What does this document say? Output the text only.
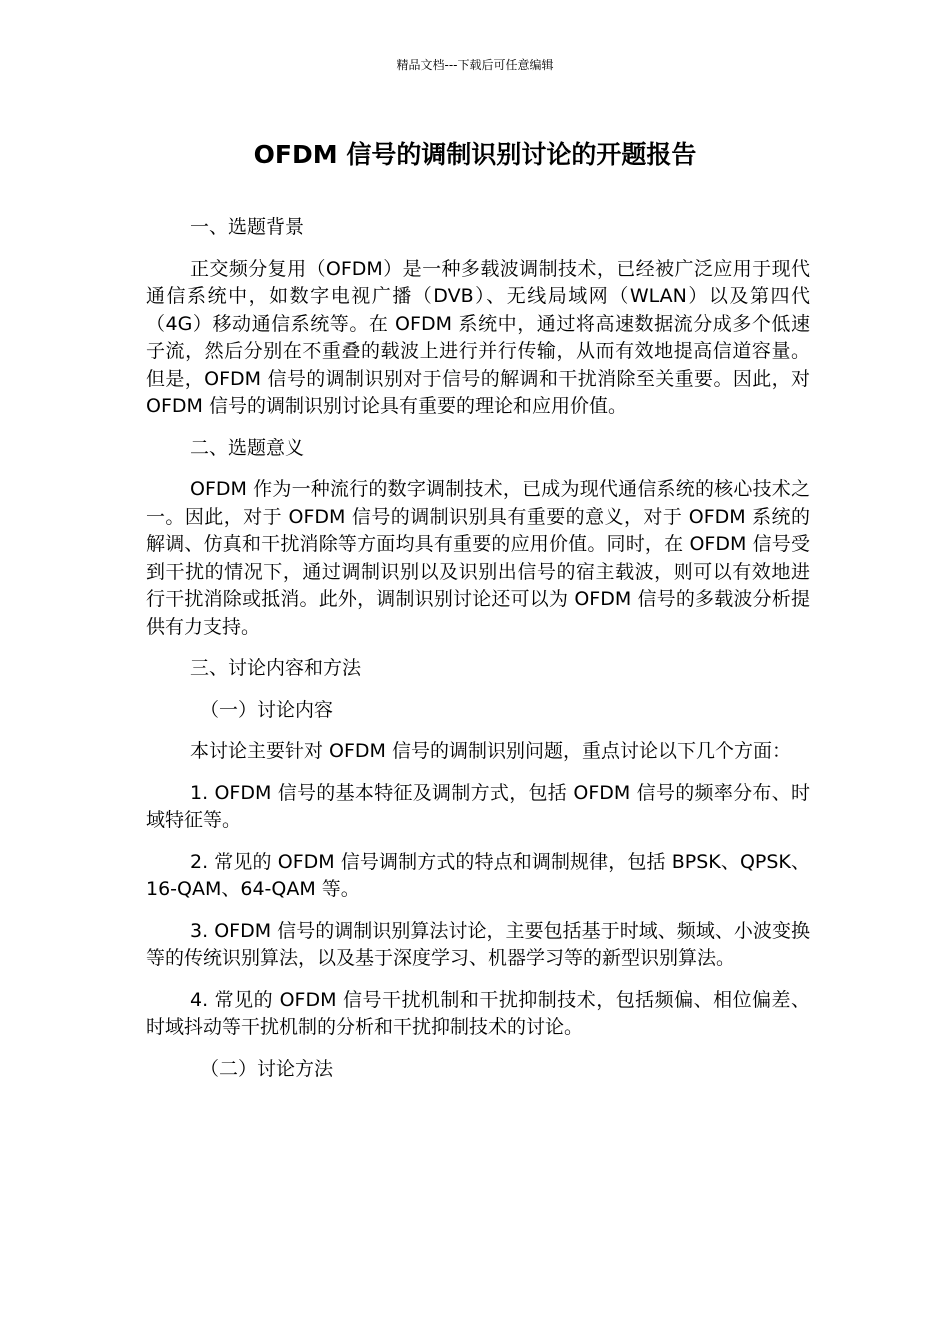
精品文档---下载后可任意编辑
OFDM 信号的调制识别讨论的开题报告

一、选题背景

正交频分复用（OFDM）是一种多载波调制技术，已经被广泛应用于现代通信系统中，如数字电视广播（DVB）、无线局域网（WLAN）以及第四代（4G）移动通信系统等。在 OFDM 系统中，通过将高速数据流分成多个低速子流，然后分别在不重叠的载波上进行并行传输，从而有效地提高信道容量。但是，OFDM 信号的调制识别对于信号的解调和干扰消除至关重要。因此，对 OFDM 信号的调制识别讨论具有重要的理论和应用价值。

二、选题意义

OFDM 作为一种流行的数字调制技术，已成为现代通信系统的核心技术之一。因此，对于 OFDM 信号的调制识别具有重要的意义，对于 OFDM 系统的解调、仿真和干扰消除等方面均具有重要的应用价值。同时，在 OFDM 信号受到干扰的情况下，通过调制识别以及识别出信号的宿主载波，则可以有效地进行干扰消除或抵消。此外，调制识别讨论还可以为 OFDM 信号的多载波分析提供有力支持。

三、讨论内容和方法

（一）讨论内容

本讨论主要针对 OFDM 信号的调制识别问题，重点讨论以下几个方面：

1. OFDM 信号的基本特征及调制方式，包括 OFDM 信号的频率分布、时域特征等。

2. 常见的 OFDM 信号调制方式的特点和调制规律，包括 BPSK、QPSK、16-QAM、64-QAM 等。

3. OFDM 信号的调制识别算法讨论，主要包括基于时域、频域、小波变换等的传统识别算法，以及基于深度学习、机器学习等的新型识别算法。

4. 常见的 OFDM 信号干扰机制和干扰抑制技术，包括频偏、相位偏差、时域抖动等干扰机制的分析和干扰抑制技术的讨论。

（二）讨论方法
